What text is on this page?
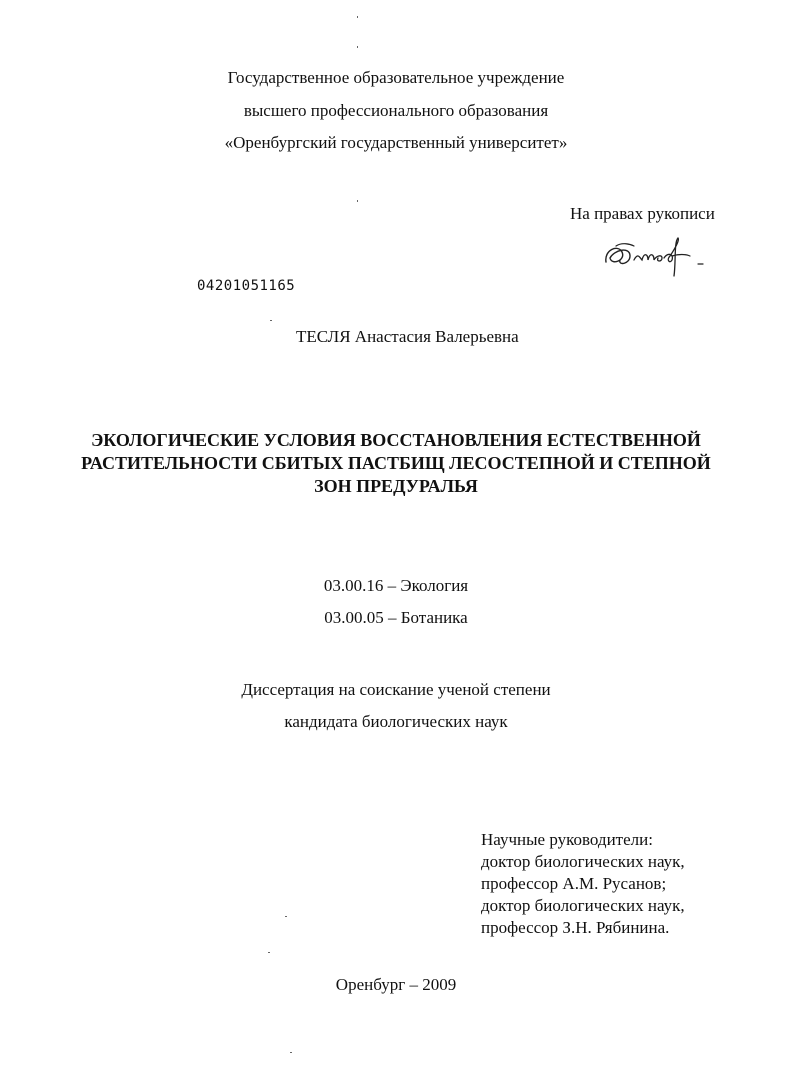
Государственное образовательное учреждение
высшего профессионального образования
«Оренбургский государственный университет»
На правах рукописи
04201051165
ТЕСЛЯ Анастасия Валерьевна
ЭКОЛОГИЧЕСКИЕ УСЛОВИЯ ВОССТАНОВЛЕНИЯ ЕСТЕСТВЕННОЙ
РАСТИТЕЛЬНОСТИ СБИТЫХ ПАСТБИЩ ЛЕСОСТЕПНОЙ И СТЕПНОЙ
ЗОН ПРЕДУРАЛЬЯ
03.00.16 – Экология
03.00.05 – Ботаника
Диссертация на соискание ученой степени
кандидата биологических наук
Научные руководители:
доктор биологических наук,
профессор А.М. Русанов;
доктор биологических наук,
профессор З.Н. Рябинина.
Оренбург – 2009
